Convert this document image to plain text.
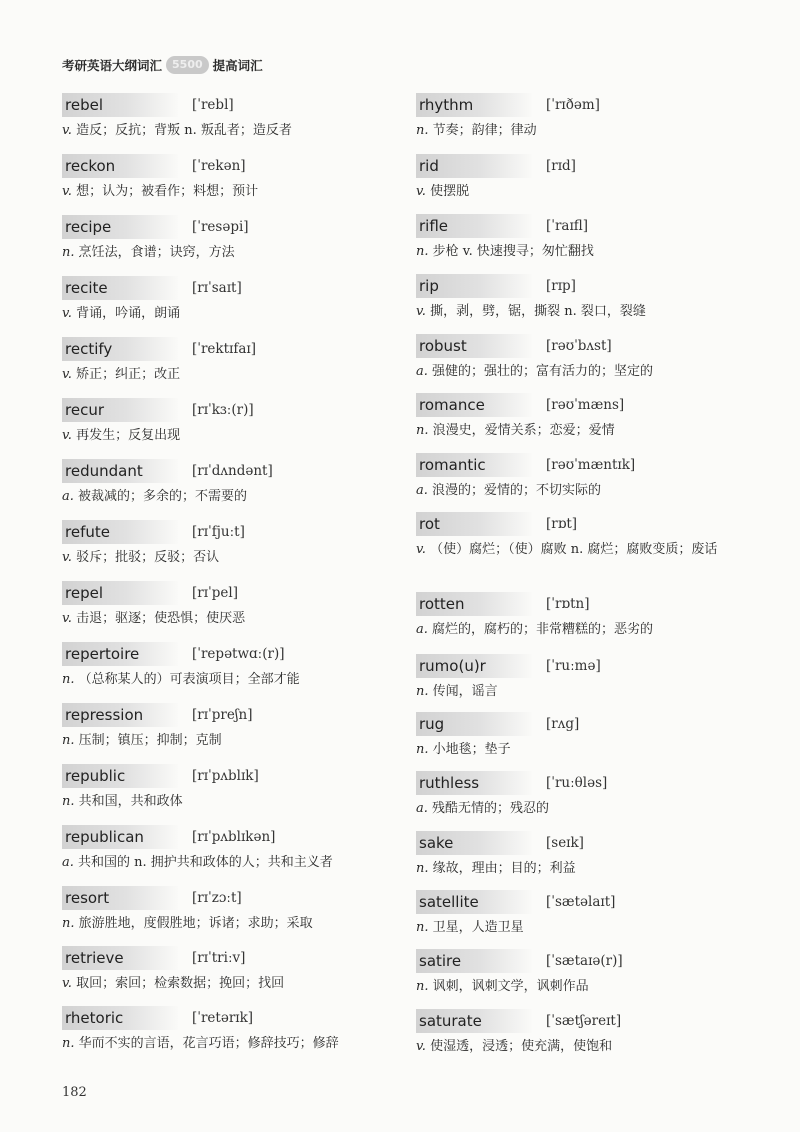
考研英语大纲词汇 5500 提高词汇
rebel	[ˈrebl]
v. 造反；反抗；背叛 n. 叛乱者；造反者
reckon	[ˈrekən]
v. 想；认为；被看作；料想；预计
recipe	[ˈresəpi]
n. 烹饪法，食谱；诀窍，方法
recite	[rɪˈsaɪt]
v. 背诵，吟诵，朗诵
rectify	[ˈrektɪfaɪ]
v. 矫正；纠正；改正
recur	[rɪˈkɜː(r)]
v. 再发生；反复出现
redundant	[rɪˈdʌndənt]
a. 被裁减的；多余的；不需要的
refute	[rɪˈfjuːt]
v. 驳斥；批驳；反驳；否认
repel	[rɪˈpel]
v. 击退；驱逐；使恐惧；使厌恶
repertoire	[ˈrepətwɑː(r)]
n. （总称某人的）可表演项目；全部才能
repression	[rɪˈpreʃn]
n. 压制；镇压；抑制；克制
republic	[rɪˈpʌblɪk]
n. 共和国，共和政体
republican	[rɪˈpʌblɪkən]
a. 共和国的 n. 拥护共和政体的人；共和主义者
resort	[rɪˈzɔːt]
n. 旅游胜地，度假胜地；诉诸；求助；采取
retrieve	[rɪˈtriːv]
v. 取回；索回；检索数据；挽回；找回
rhetoric	[ˈretərɪk]
n. 华而不实的言语，花言巧语；修辞技巧；修辞
rhythm	[ˈrɪðəm]
n. 节奏；韵律；律动
rid	[rɪd]
v. 使摆脱
rifle	[ˈraɪfl]
n. 步枪 v. 快速搜寻；匆忙翻找
rip	[rɪp]
v. 撕，剥，劈，锯，撕裂 n. 裂口，裂缝
robust	[rəʊˈbʌst]
a. 强健的；强壮的；富有活力的；坚定的
romance	[rəʊˈmæns]
n. 浪漫史，爱情关系；恋爱；爱情
romantic	[rəʊˈmæntɪk]
a. 浪漫的；爱情的；不切实际的
rot	[rɒt]
v. （使）腐烂；（使）腐败 n. 腐烂；腐败变质；废话
rotten	[ˈrɒtn]
a. 腐烂的，腐朽的；非常糟糕的；恶劣的
rumo(u)r	[ˈruːmə]
n. 传闻，谣言
rug	[rʌg]
n. 小地毯；垫子
ruthless	[ˈruːθləs]
a. 残酷无情的；残忍的
sake	[seɪk]
n. 缘故，理由；目的；利益
satellite	[ˈsætəlaɪt]
n. 卫星，人造卫星
satire	[ˈsætaɪə(r)]
n. 讽刺，讽刺文学，讽刺作品
saturate	[ˈsætʃəreɪt]
v. 使湿透，浸透；使充满，使饱和
182
